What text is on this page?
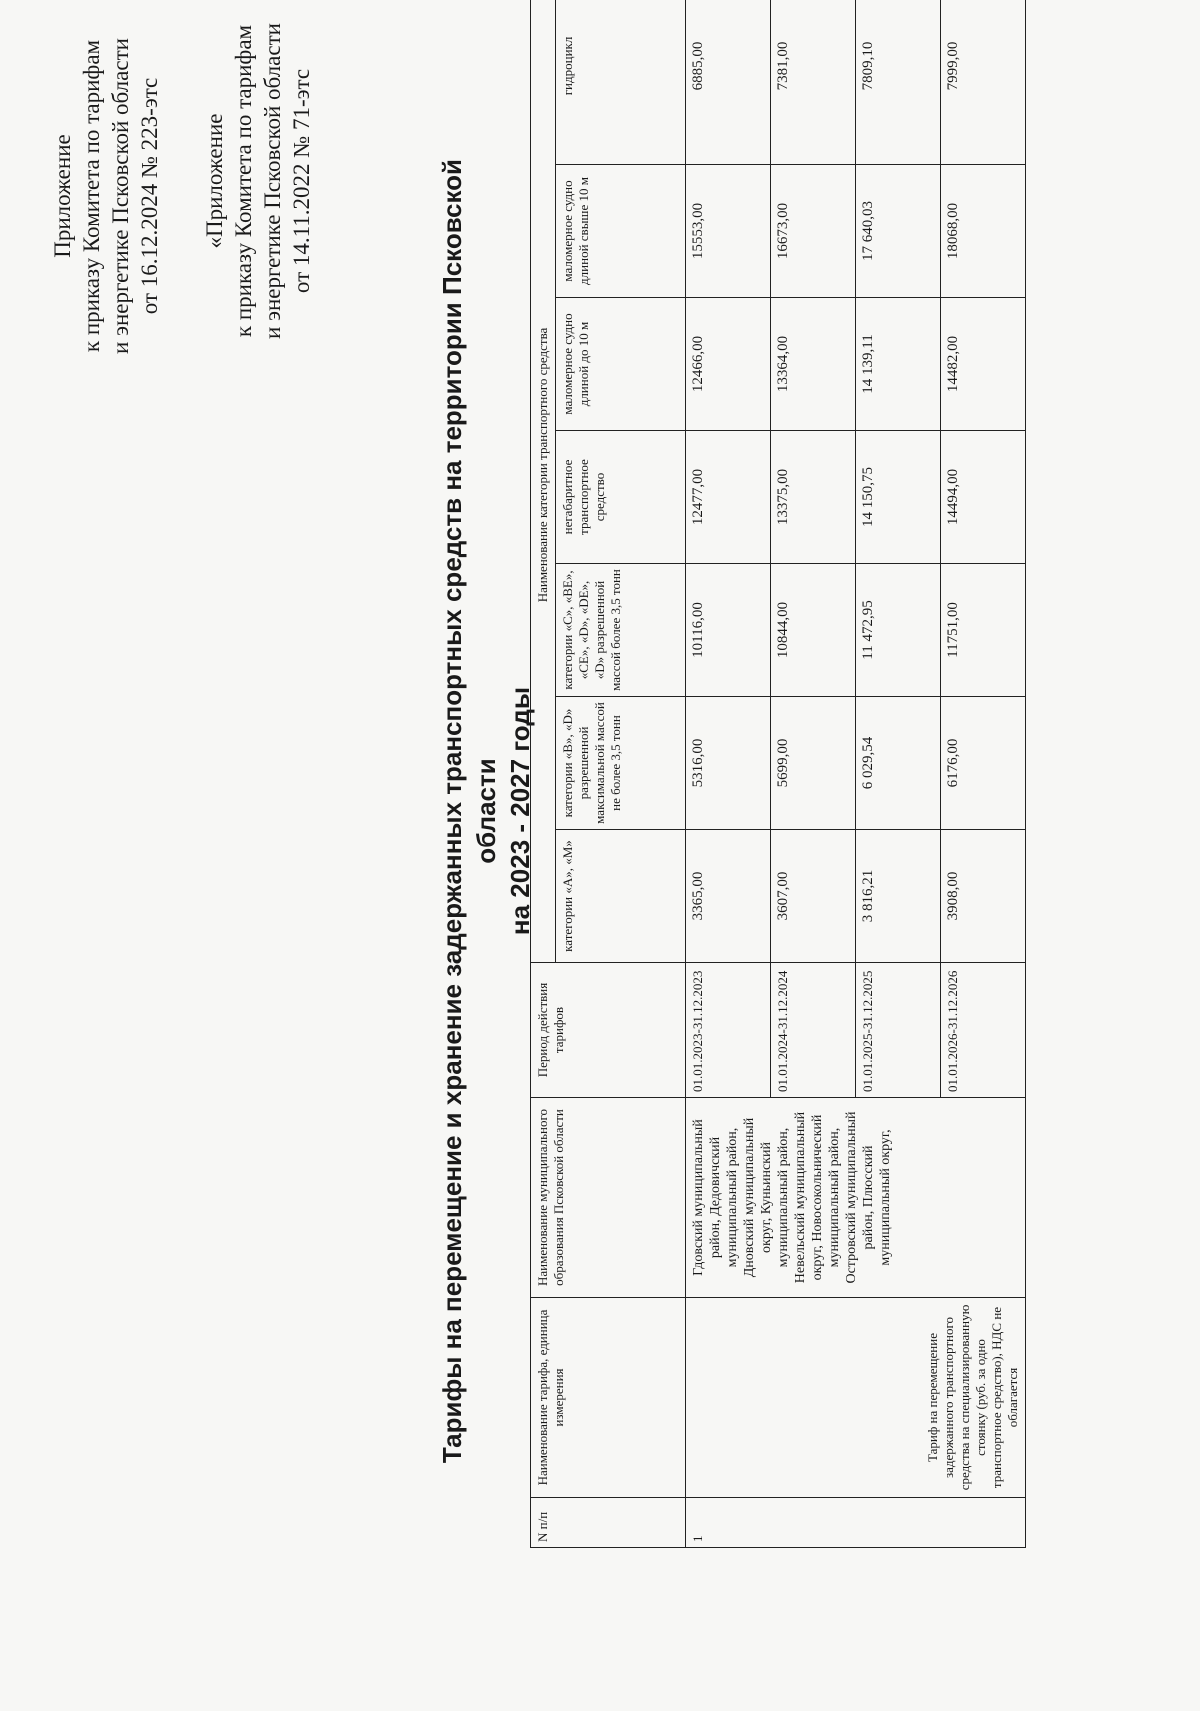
Приложение к приказу Комитета по тарифам и энергетике Псковской области от 16.12.2024 № 223-этс «Приложение к приказу Комитета по тарифам и энергетике Псковской области от 14.11.2022 № 71-этс	Тарифы на перемещение и хранение задержанных транспортных средств на территории Псковской области на 2023 - 2027 годы
N п/п	Наименование тарифа, единица измерения	Наименование муниципального образования Псковской области	Период действия тарифов	Наименование категории транспортного средства						
				категории «A», «M»	категории «B», «D» разрешенной максимальной массой не более 3,5 тонн	категории «C», «BE», «CE», «D», «DE», «D» разрешенной массой более 3,5 тонн	негабаритное транспортное средство	маломерное судно длиной до 10 м	маломерное судно длиной свыше 10 м	гидроцикл
1	Тариф на перемещение задержанного транспортного средства на специализированную стоянку (руб. за одно транспортное средство), НДС не облагается	Гдовский муниципальный район, Дедовичский муниципальный район, Дновский муниципальный округ, Куньинский муниципальный район, Невельский муниципальный округ, Новосокольнический муниципальный район, Островский муниципальный район, Плюсский муниципальный округ,	01.01.2023-31.12.2023	3365,00	5316,00	10116,00	12477,00	12466,00	15553,00	6885,00
			01.01.2024-31.12.2024	3607,00	5699,00	10844,00	13375,00	13364,00	16673,00	7381,00
			01.01.2025-31.12.2025	3 816,21	6 029,54	11 472,95	14 150,75	14 139,11	17 640,03	7809,10
			01.01.2026-31.12.2026	3908,00	6176,00	11751,00	14494,00	14482,00	18068,00	7999,00
